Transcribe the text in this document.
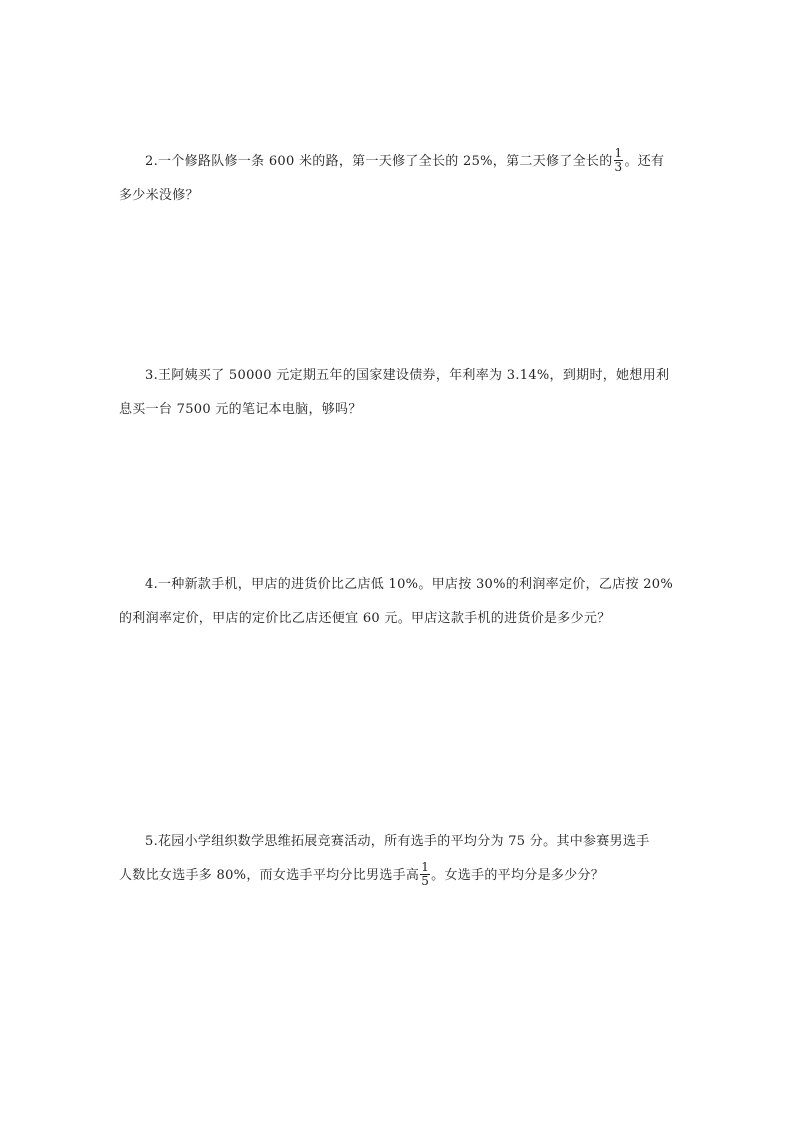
2.一个修路队修一条 600 米的路，第一天修了全长的 25%，第二天修了全长的 $\frac{1}{3}$ 。还有
多少米没修？
3.王阿姨买了 50000 元定期五年的国家建设债券，年利率为 3.14%，到期时，她想用利
息买一台 7500 元的笔记本电脑，够吗？
4.一种新款手机，甲店的进货价比乙店低 10%。甲店按 30%的利润率定价，乙店按 20%
的利润率定价，甲店的定价比乙店还便宜 60 元。甲店这款手机的进货价是多少元？
5.花园小学组织数学思维拓展竞赛活动，所有选手的平均分为 75 分。其中参赛男选手
人数比女选手多 80%，而女选手平均分比男选手高 $\frac{1}{5}$ 。女选手的平均分是多少分？
